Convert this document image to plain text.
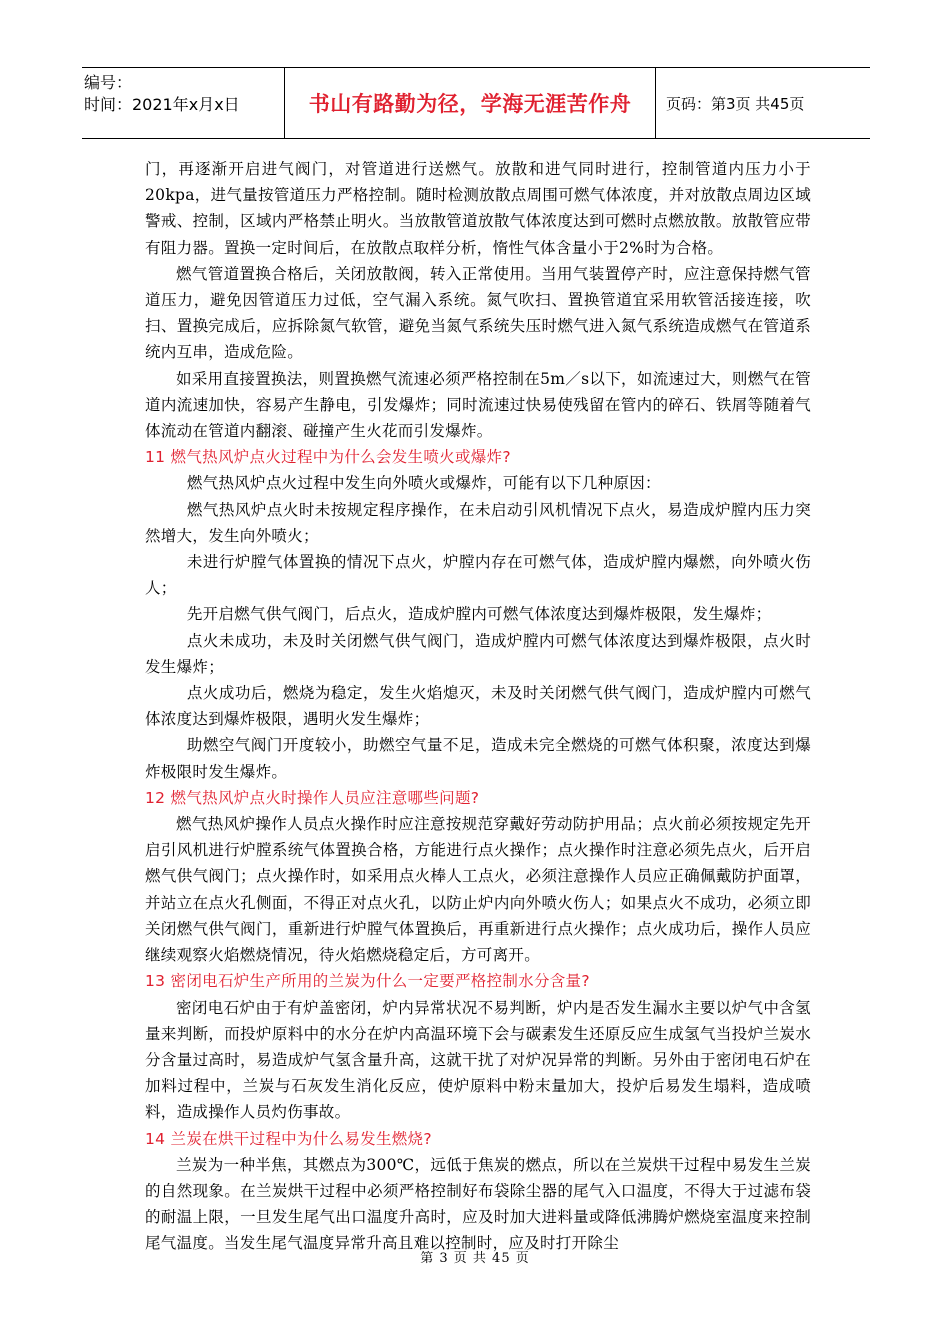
编号：
时间：2021年x月x日	书山有路勤为径，学海无涯苦作舟	页码：第3页 共45页

门，再逐渐开启进气阀门，对管道进行送燃气。放散和进气同时进行，控制管道内压力小于20kpa，进气量按管道压力严格控制。随时检测放散点周围可燃气体浓度，并对放散点周边区域警戒、控制，区域内严格禁止明火。当放散管道放散气体浓度达到可燃时点燃放散。放散管应带有阻力器。置换一定时间后，在放散点取样分析，惰性气体含量小于2%时为合格。

燃气管道置换合格后，关闭放散阀，转入正常使用。当用气装置停产时，应注意保持燃气管道压力，避免因管道压力过低，空气漏入系统。氮气吹扫、置换管道宜采用软管活接连接，吹扫、置换完成后，应拆除氮气软管，避免当氮气系统失压时燃气进入氮气系统造成燃气在管道系统内互串，造成危险。

如采用直接置换法，则置换燃气流速必须严格控制在5m／s以下，如流速过大，则燃气在管道内流速加快，容易产生静电，引发爆炸；同时流速过快易使残留在管内的碎石、铁屑等随着气体流动在管道内翻滚、碰撞产生火花而引发爆炸。

11 燃气热风炉点火过程中为什么会发生喷火或爆炸?

燃气热风炉点火过程中发生向外喷火或爆炸，可能有以下几种原因：

燃气热风炉点火时未按规定程序操作，在未启动引风机情况下点火，易造成炉膛内压力突然增大，发生向外喷火；

未进行炉膛气体置换的情况下点火，炉膛内存在可燃气体，造成炉膛内爆燃，向外喷火伤人；

先开启燃气供气阀门，后点火，造成炉膛内可燃气体浓度达到爆炸极限，发生爆炸；

点火未成功，未及时关闭燃气供气阀门，造成炉膛内可燃气体浓度达到爆炸极限，点火时发生爆炸；

点火成功后，燃烧为稳定，发生火焰熄灭，未及时关闭燃气供气阀门，造成炉膛内可燃气体浓度达到爆炸极限，遇明火发生爆炸；

助燃空气阀门开度较小，助燃空气量不足，造成未完全燃烧的可燃气体积聚，浓度达到爆炸极限时发生爆炸。

12 燃气热风炉点火时操作人员应注意哪些问题?

燃气热风炉操作人员点火操作时应注意按规范穿戴好劳动防护用品；点火前必须按规定先开启引风机进行炉膛系统气体置换合格，方能进行点火操作；点火操作时注意必须先点火，后开启燃气供气阀门；点火操作时，如采用点火棒人工点火，必须注意操作人员应正确佩戴防护面罩，并站立在点火孔侧面，不得正对点火孔，以防止炉内向外喷火伤人；如果点火不成功，必须立即关闭燃气供气阀门，重新进行炉膛气体置换后，再重新进行点火操作；点火成功后，操作人员应继续观察火焰燃烧情况，待火焰燃烧稳定后，方可离开。

13 密闭电石炉生产所用的兰炭为什么一定要严格控制水分含量?

密闭电石炉由于有炉盖密闭，炉内异常状况不易判断，炉内是否发生漏水主要以炉气中含氢量来判断，而投炉原料中的水分在炉内高温环境下会与碳素发生还原反应生成氢气当投炉兰炭水分含量过高时，易造成炉气氢含量升高，这就干扰了对炉况异常的判断。另外由于密闭电石炉在加料过程中，兰炭与石灰发生消化反应，使炉原料中粉末量加大，投炉后易发生塌料，造成喷料，造成操作人员灼伤事故。

14 兰炭在烘干过程中为什么易发生燃烧?

兰炭为一种半焦，其燃点为300℃，远低于焦炭的燃点，所以在兰炭烘干过程中易发生兰炭的自然现象。在兰炭烘干过程中必须严格控制好布袋除尘器的尾气入口温度，不得大于过滤布袋的耐温上限，一旦发生尾气出口温度升高时，应及时加大进料量或降低沸腾炉燃烧室温度来控制尾气温度。当发生尾气温度异常升高且难以控制时，应及时打开除尘

第 3 页 共 45 页
